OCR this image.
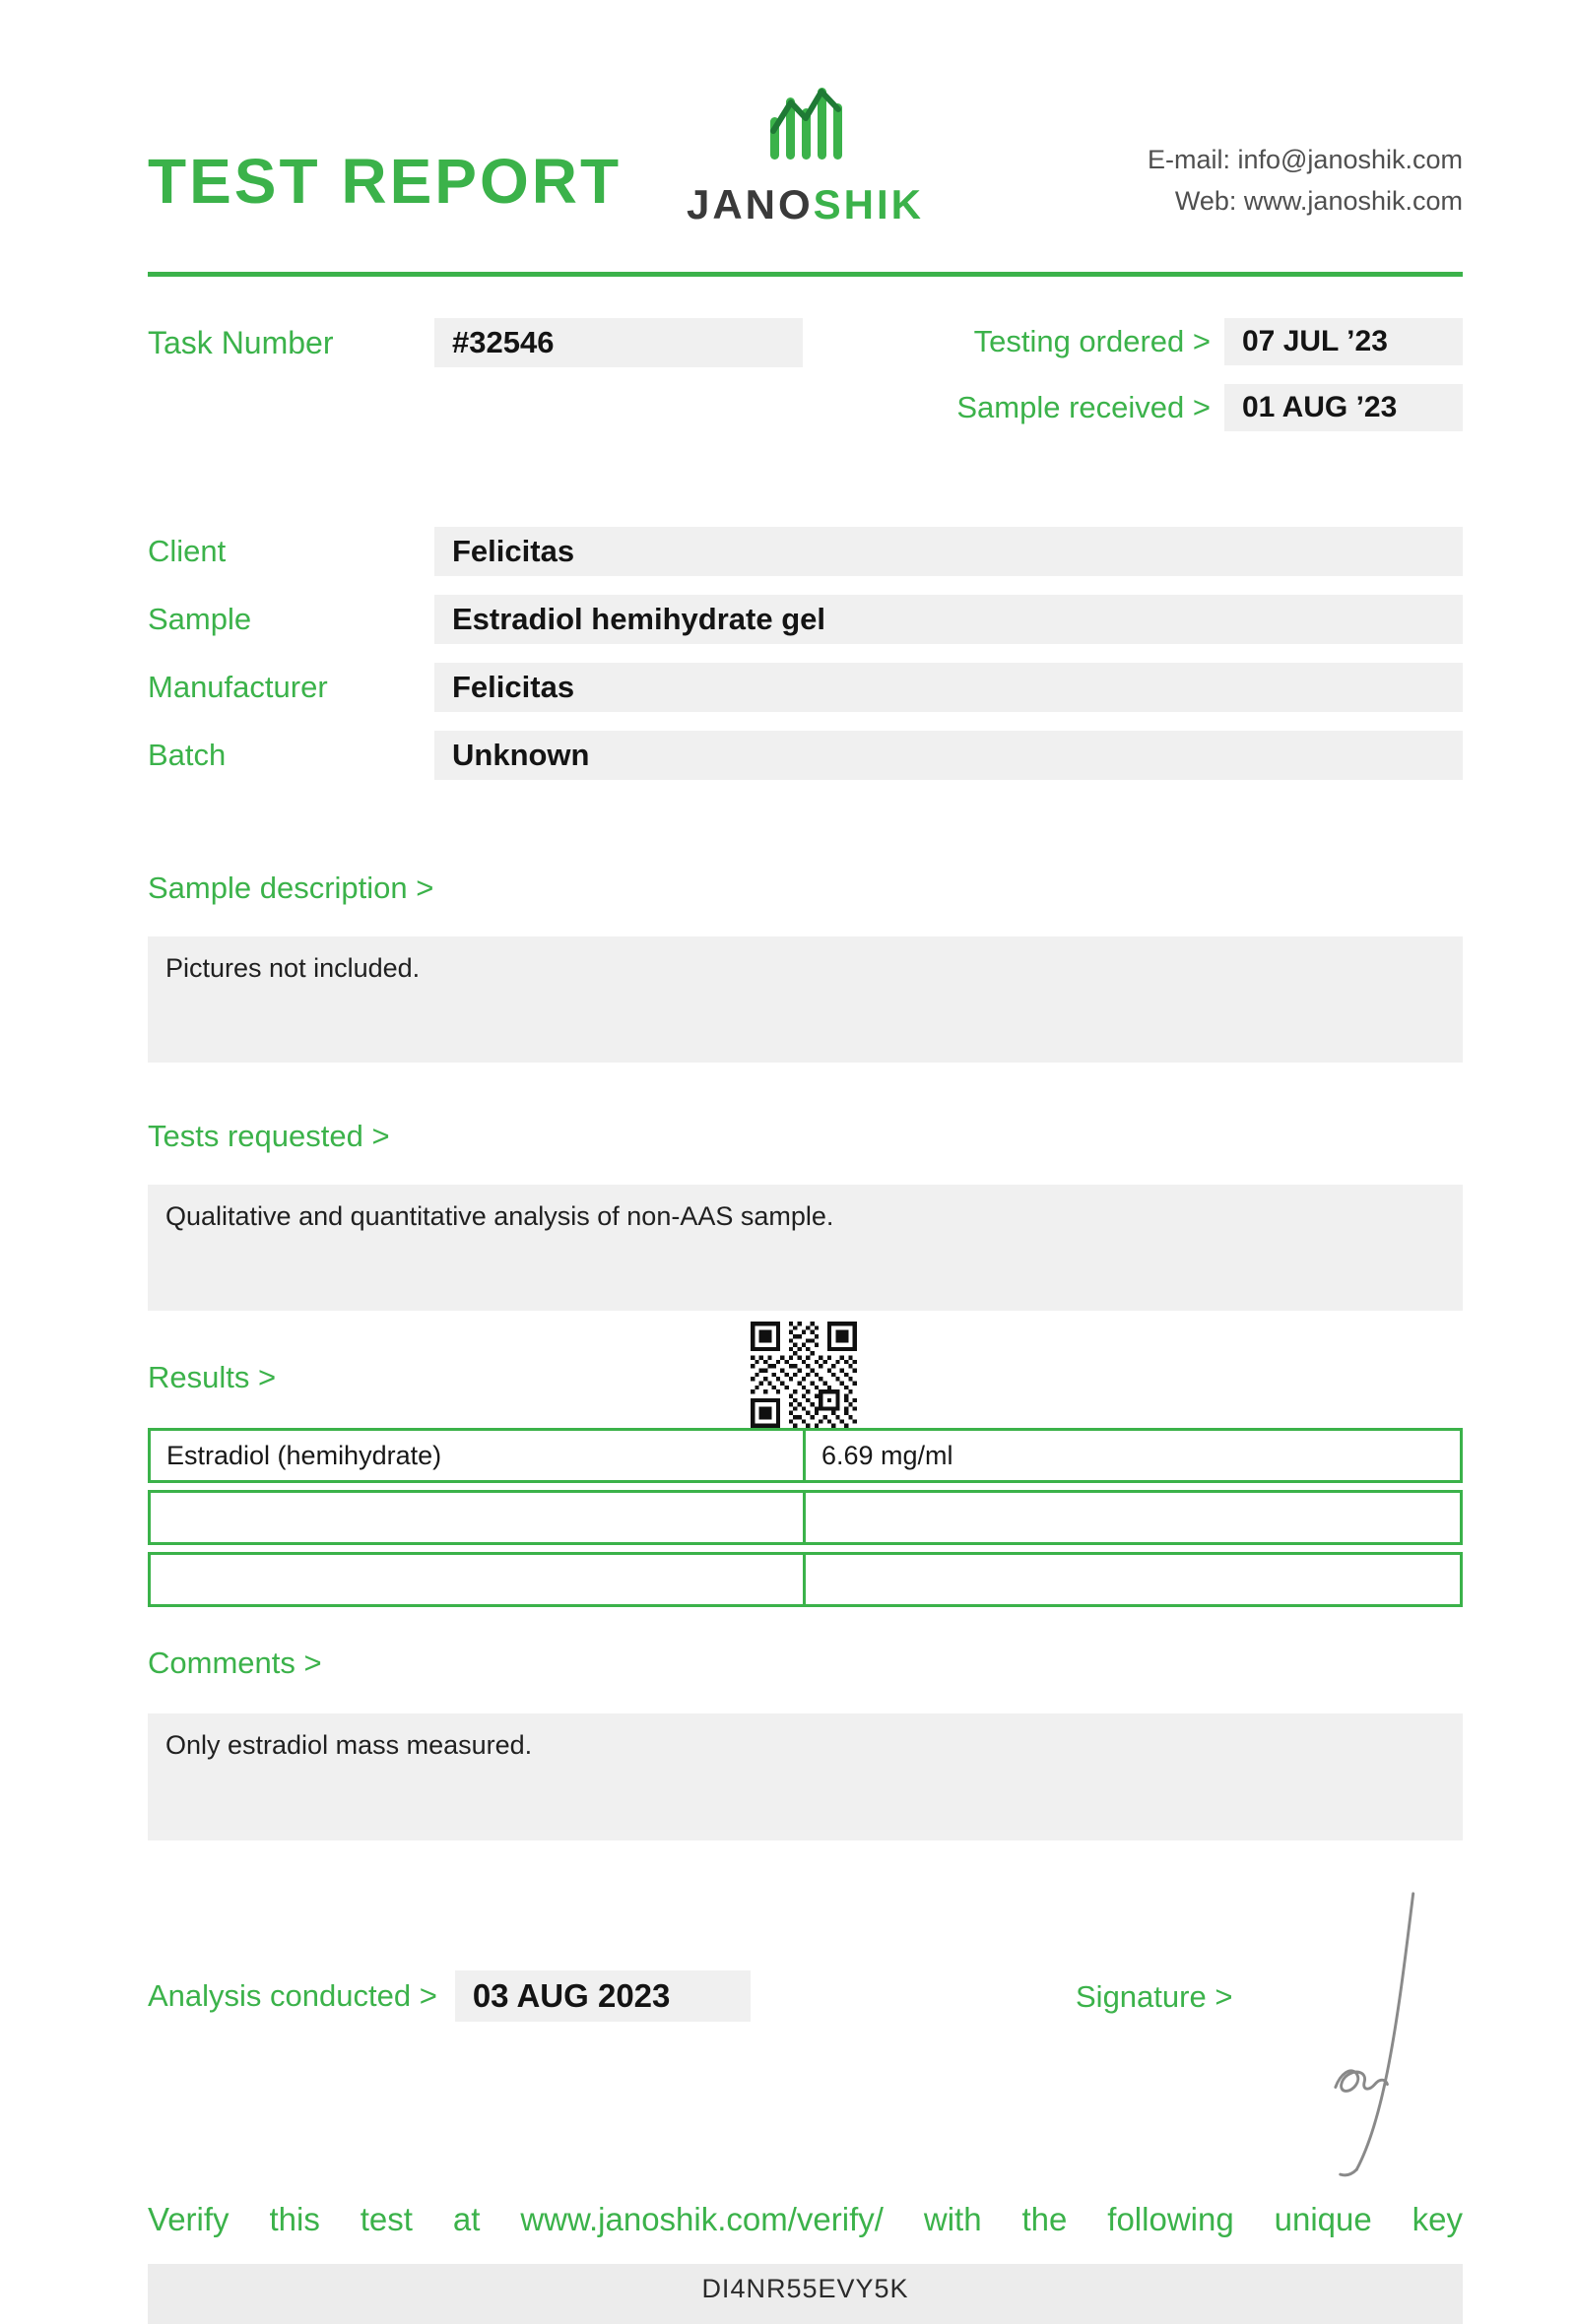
TEST REPORT	JANOSHIK
E-mail: info@janoshik.com
Web: www.janoshik.com
Task Number	#32546	Testing ordered >	07 JUL ’23
Sample received >	01 AUG ’23
Client	Felicitas
Sample	Estradiol hemihydrate gel
Manufacturer	Felicitas
Batch	Unknown
Sample description >
Pictures not included.
Tests requested >
Qualitative and quantitative analysis of non-AAS sample.
Results >
Estradiol (hemihydrate)	6.69 mg/ml
Comments >
Only estradiol mass measured.
Analysis conducted >	03 AUG 2023	Signature >
Verify this test at www.janoshik.com/verify/ with the following unique key
DI4NR55EVY5K
